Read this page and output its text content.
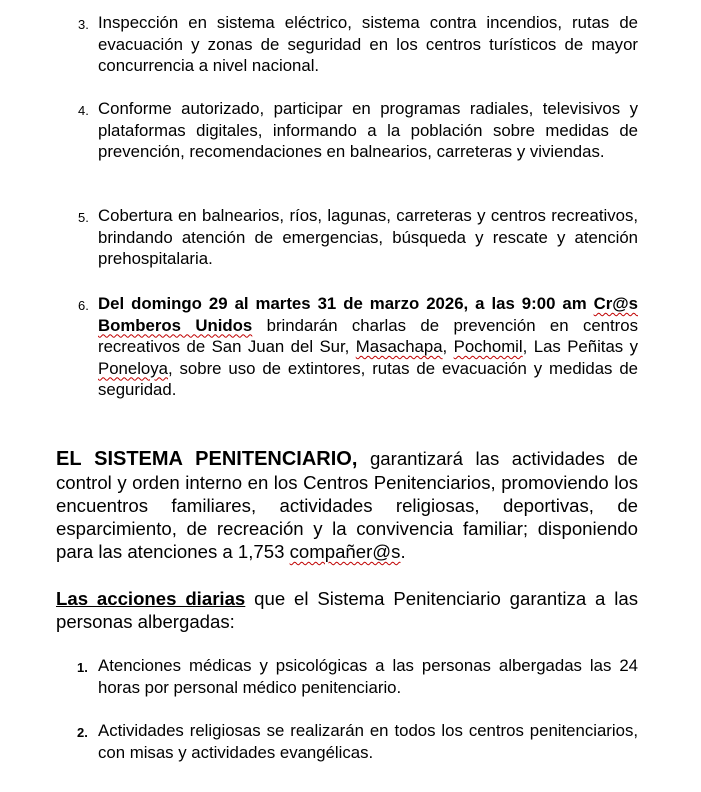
3. Inspección en sistema eléctrico, sistema contra incendios, rutas de evacuación y zonas de seguridad en los centros turísticos de mayor concurrencia a nivel nacional.
4. Conforme autorizado, participar en programas radiales, televisivos y plataformas digitales, informando a la población sobre medidas de prevención, recomendaciones en balnearios, carreteras y viviendas.
5. Cobertura en balnearios, ríos, lagunas, carreteras y centros recreativos, brindando atención de emergencias, búsqueda y rescate y atención prehospitalaria.
6. Del domingo 29 al martes 31 de marzo 2026, a las 9:00 am Cr@s Bomberos Unidos brindarán charlas de prevención en centros recreativos de San Juan del Sur, Masachapa, Pochomil, Las Peñitas y Poneloya, sobre uso de extintores, rutas de evacuación y medidas de seguridad.
EL SISTEMA PENITENCIARIO, garantizará las actividades de control y orden interno en los Centros Penitenciarios, promoviendo los encuentros familiares, actividades religiosas, deportivas, de esparcimiento, de recreación y la convivencia familiar; disponiendo para las atenciones a 1,753 compañer@s.
Las acciones diarias que el Sistema Penitenciario garantiza a las personas albergadas:
1. Atenciones médicas y psicológicas a las personas albergadas las 24 horas por personal médico penitenciario.
2. Actividades religiosas se realizarán en todos los centros penitenciarios, con misas y actividades evangélicas.
